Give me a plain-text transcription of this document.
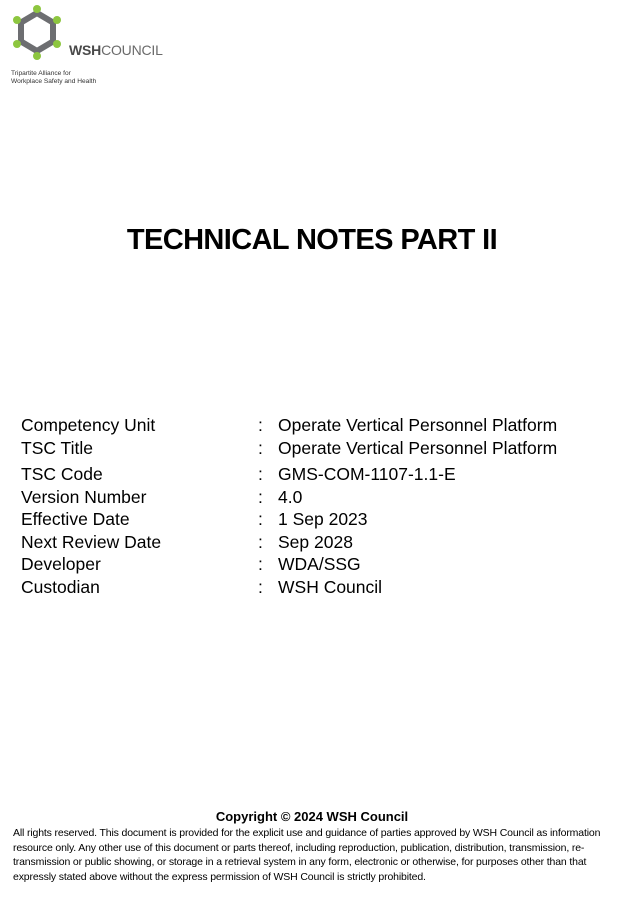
WSHCOUNCIL
Tripartite Alliance for
Workplace Safety and Health
TECHNICAL NOTES PART II
Competency Unit	: Operate Vertical Personnel Platform
TSC Title	: Operate Vertical Personnel Platform
TSC Code	: GMS-COM-1107-1.1-E
Version Number	: 4.0
Effective Date	: 1 Sep 2023
Next Review Date	: Sep 2028
Developer	: WDA/SSG
Custodian	: WSH Council
Copyright © 2024 WSH Council
All rights reserved. This document is provided for the explicit use and guidance of parties approved by WSH Council as information resource only. Any other use of this document or parts thereof, including reproduction, publication, distribution, transmission, re-transmission or public showing, or storage in a retrieval system in any form, electronic or otherwise, for purposes other than that expressly stated above without the express permission of WSH Council is strictly prohibited.
